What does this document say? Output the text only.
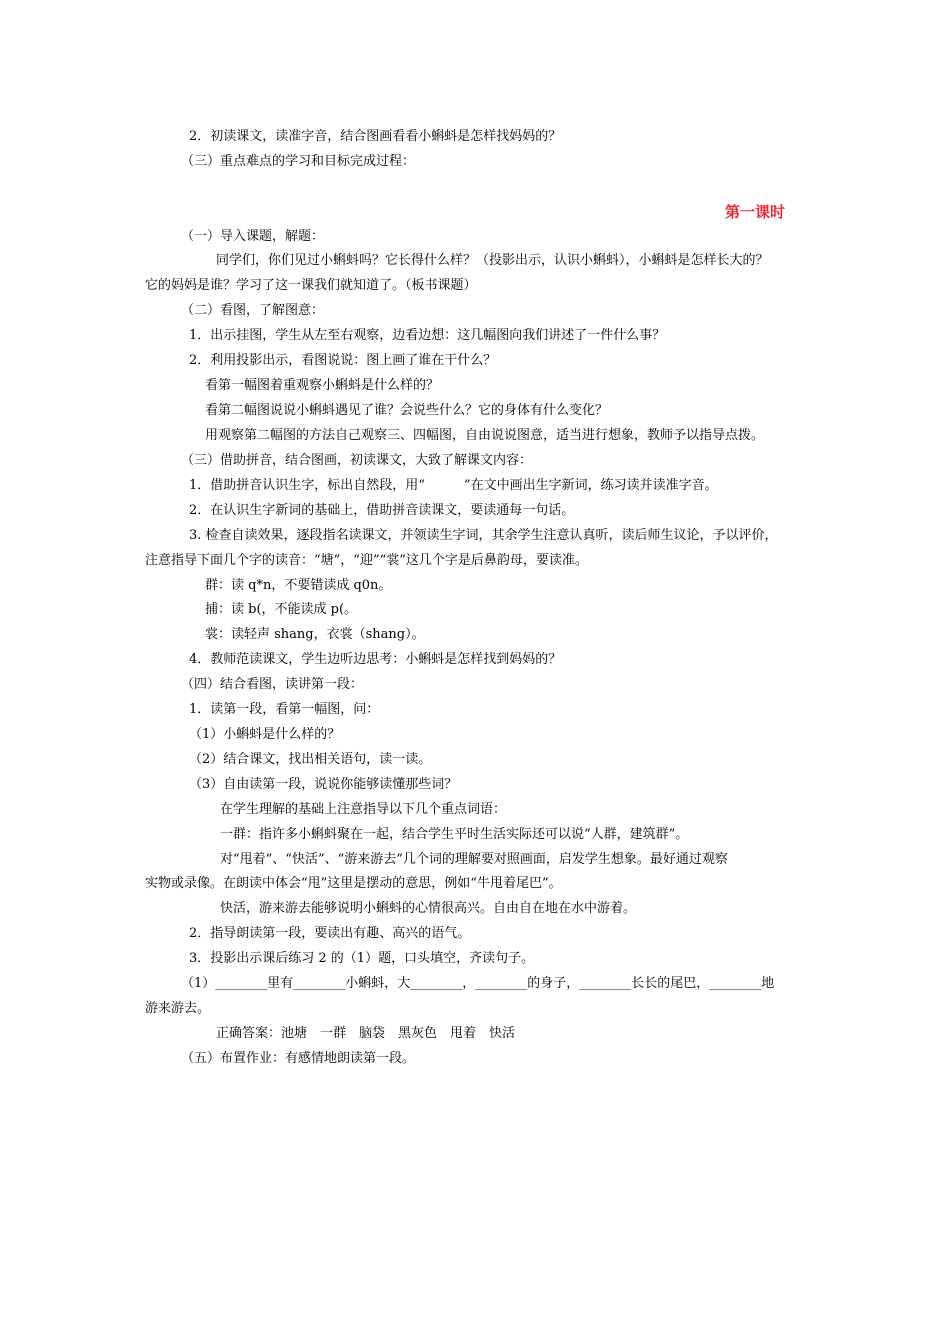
2．初读课文，读准字音，结合图画看看小蝌蚪是怎样找妈妈的？
（三）重点难点的学习和目标完成过程：
第一课时
（一）导入课题，解题：
同学们，你们见过小蝌蚪吗？它长得什么样？（投影出示，认识小蝌蚪），小蝌蚪是怎样长大的？
它的妈妈是谁？学习了这一课我们就知道了。（板书课题）
（二）看图，了解图意：
1．出示挂图，学生从左至右观察，边看边想：这几幅图向我们讲述了一件什么事？
2．利用投影出示，看图说说：图上画了谁在干什么？
看第一幅图着重观察小蝌蚪是什么样的？
看第二幅图说说小蝌蚪遇见了谁？会说些什么？它的身体有什么变化？
用观察第二幅图的方法自己观察三、四幅图，自由说说图意，适当进行想象，教师予以指导点拨。
（三）借助拼音，结合图画，初读课文，大致了解课文内容：
1．借助拼音认识生字，标出自然段，用“　　　”在文中画出生字新词，练习读并读准字音。
2．在认识生字新词的基础上，借助拼音读课文，要读通每一句话。
3. 检查自读效果，逐段指名读课文，并领读生字词，其余学生注意认真听，读后师生议论，予以评价，
注意指导下面几个字的读音：“塘”，“迎”“裳”这几个字是后鼻韵母，要读准。
群：读 q*n，不要错读成 q0n。
捕：读 b(，不能读成 p(。
裳：读轻声 shang，衣裳（shang）。
4．教师范读课文，学生边听边思考：小蝌蚪是怎样找到妈妈的？
（四）结合看图，读讲第一段：
1．读第一段，看第一幅图，问：
（1）小蝌蚪是什么样的？
（2）结合课文，找出相关语句，读一读。
（3）自由读第一段，说说你能够读懂那些词？
在学生理解的基础上注意指导以下几个重点词语：
一群：指许多小蝌蚪聚在一起，结合学生平时生活实际还可以说“人群，建筑群”。
对“甩着”、“快活”、“游来游去”几个词的理解要对照画面，启发学生想象。最好通过观察
实物或录像。在朗读中体会“甩”这里是摆动的意思，例如“牛甩着尾巴”。
快活，游来游去能够说明小蝌蚪的心情很高兴。自由自在地在水中游着。
2．指导朗读第一段，要读出有趣、高兴的语气。
3．投影出示课后练习 2 的（1）题，口头填空，齐读句子。
（1）________里有________小蝌蚪，大________，________的身子，________长长的尾巴，________地
游来游去。
正确答案：池塘　一群　脑袋　黑灰色　甩着　快活
（五）布置作业：有感情地朗读第一段。
